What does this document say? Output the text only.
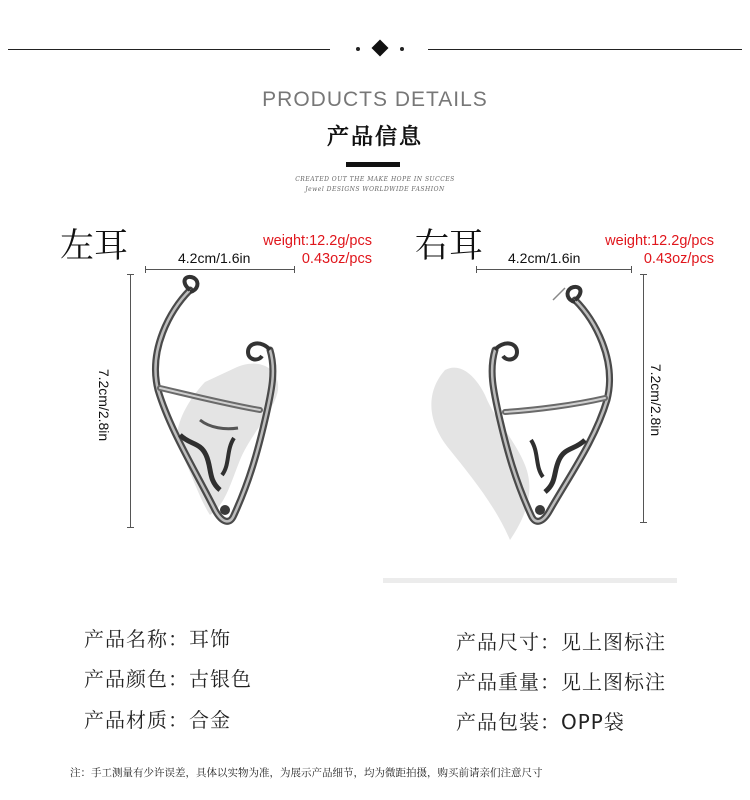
PRODUCTS DETAILS
产品信息
CREATED OUT THE MAKE HOPE IN SUCCES
Jewel DESIGNS WORLDWIDE FASHION
左耳	weight:12.2g/pcs
0.43oz/pcs
4.2cm/1.6in
7.2cm/2.8in
右耳	weight:12.2g/pcs
0.43oz/pcs
4.2cm/1.6in
7.2cm/2.8in
产品名称：耳饰
产品颜色：古银色
产品材质：合金
产品尺寸：见上图标注
产品重量：见上图标注
产品包装：OPP袋
注：手工测量有少许误差，具体以实物为准，为展示产品细节，均为微距拍摄，购买前请亲们注意尺寸
